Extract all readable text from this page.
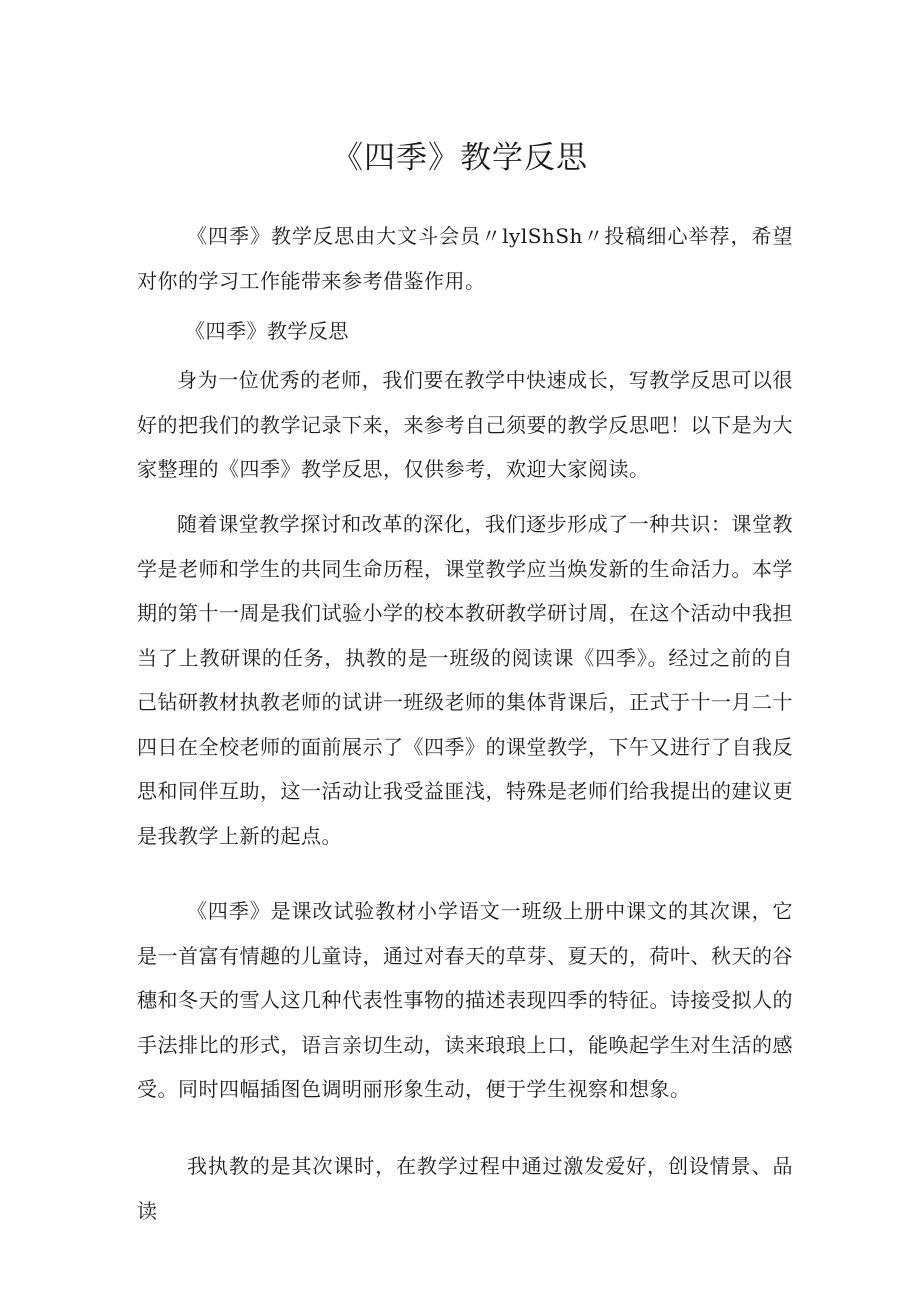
《四季》教学反思

《四季》教学反思由大文斗会员〃lylShSh〃投稿细心举荐，希望对你的学习工作能带来参考借鉴作用。

《四季》教学反思

身为一位优秀的老师，我们要在教学中快速成长，写教学反思可以很好的把我们的教学记录下来，来参考自己须要的教学反思吧！以下是为大家整理的《四季》教学反思，仅供参考，欢迎大家阅读。

随着课堂教学探讨和改革的深化，我们逐步形成了一种共识：课堂教学是老师和学生的共同生命历程，课堂教学应当焕发新的生命活力。本学期的第十一周是我们试验小学的校本教研教学研讨周，在这个活动中我担当了上教研课的任务，执教的是一班级的阅读课《四季》。经过之前的自己钻研教材执教老师的试讲一班级老师的集体背课后，正式于十一月二十四日在全校老师的面前展示了《四季》的课堂教学，下午又进行了自我反思和同伴互助，这一活动让我受益匪浅，特殊是老师们给我提出的建议更是我教学上新的起点。

《四季》是课改试验教材小学语文一班级上册中课文的其次课，它是一首富有情趣的儿童诗，通过对春天的草芽、夏天的，荷叶、秋天的谷穗和冬天的雪人这几种代表性事物的描述表现四季的特征。诗接受拟人的手法排比的形式，语言亲切生动，读来琅琅上口，能唤起学生对生活的感受。同时四幅插图色调明丽形象生动，便于学生视察和想象。

我执教的是其次课时，在教学过程中通过激发爱好，创设情景、品读
